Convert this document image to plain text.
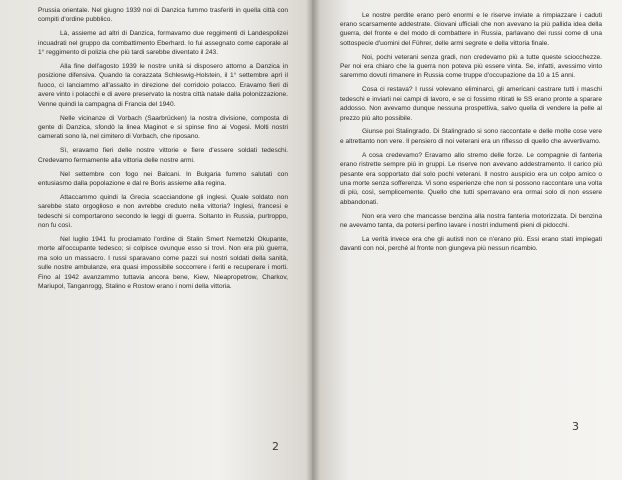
Prussia orientale. Nel giugno 1939 noi di Danzica fummo trasferiti in quella città con compiti d'ordine pubblico.

Là, assieme ad altri di Danzica, formavamo due reggimenti di Landespolizei incuadrati nel gruppo da combattimento Eberhard. Io fui assegnato come caporale al 1° reggimento di polizia che più tardi sarebbe diventato il 243.

Alla fine dell'agosto 1939 le nostre unità si disposero attorno a Danzica in posizione difensiva. Quando la corazzata Schleswig-Holstein, il 1° settembre aprì il fuoco, ci lanciammo all'assalto in direzione del corridoio polacco. Eravamo fieri di avere vinto i polacchi e di avere preservato la nostra città natale dalla polonizzazione. Venne quindi la campagna di Francia del 1940.

Nelle vicinanze di Vorbach (Saarbrücken) la nostra divisione, composta di gente di Danzica, sfondò la linea Maginot e si spinse fino ai Vogesi. Molti nostri camerati sono là, nel cimitero di Vorbach, che riposano.

Sì, eravamo fieri delle nostre vittorie e fiere d'essere soldati tedeschi. Credevamo fermamente alla vittoria delle nostre armi.

Nel settembre con fogo nei Balcani. In Bulgaria fummo salutati con entusiasmo dalla popolazione e dal re Boris assieme alla regina.

Attaccammo quindi la Grecia scacciandone gli inglesi. Quale soldato non sarebbe stato orgoglioso e non avrebbe creduto nella vittoria? Inglesi, francesi e tedeschi si comportarono secondo le leggi di guerra. Soltanto in Russia, purtroppo, non fu così.

Nel luglio 1941 fu proclamato l'ordine di Stalin Smert Nemetzki Okupante, morte all'occupante tedesco; si colpisce ovunque esso si trovi. Non era più guerra, ma solo un massacro. I russi sparavano come pazzi sui nostri soldati della sanità, sulle nostre ambulanze, era quasi impossibile soccorrere i feriti e recuperare i morti. Fino al 1942 avanzammo tuttavia ancora bene, Kiew, Nieapropetrow, Charkov, Mariupol, Tanganrogg, Stalino e Rostow erano i nomi della vittoria.

2

Le nostre perdite erano però enormi e le riserve inviate a rimpiazzare i caduti erano scarsamente addestrate. Giovani ufficiali che non avevano la più pallida idea della guerra, del fronte e del modo di combattere in Russia, parlavano dei russi come di una sottospecie d'uomini del Führer, delle armi segrete e della vittoria finale.

Noi, pochi veterani senza gradi, non credevamo più a tutte queste sciocchezze. Per noi era chiaro che la guerra non poteva più essere vinta. Se, infatti, avessimo vinto saremmo dovuti rimanere in Russia come truppe d'occupazione da 10 a 15 anni.

Cosa ci restava? I russi volevano eliminarci, gli americani castrare tutti i maschi tedeschi e inviarli nei campi di lavoro, e se ci fossimo ritirati le SS erano pronte a sparare addosso. Non avevamo dunque nessuna prospettiva, salvo quella di vendere la pelle al prezzo più alto possibile.

Giunse poi Stalingrado. Di Stalingrado si sono raccontate e delle molte cose vere e altrettanto non vere. Il pensiero di noi veterani era un riflesso di quello che avvertivamo.

A cosa credevamo? Eravamo allo stremo delle forze. Le compagnie di fanteria erano ristrette sempre più in gruppi. Le riserve non avevano addestramento. Il carico più pesante era sopportato dal solo pochi veterani. Il nostro auspicio era un colpo amico o una morte senza sofferenza. Vi sono esperienze che non si possono raccontare una volta di più, così, semplicemente. Quello che tutti sperravano era ormai solo di non essere abbandonati.

Non era vero che mancasse benzina alla nostra fanteria motorizzata. Di benzina ne avevamo tanta, da potersi perfino lavare i nostri indumenti pieni di pidocchi.

La verità invece era che gli autisti non ce n'erano più. Essi erano stati impiegati davanti con noi, perché al fronte non giungeva più nessun ricambio.

3
